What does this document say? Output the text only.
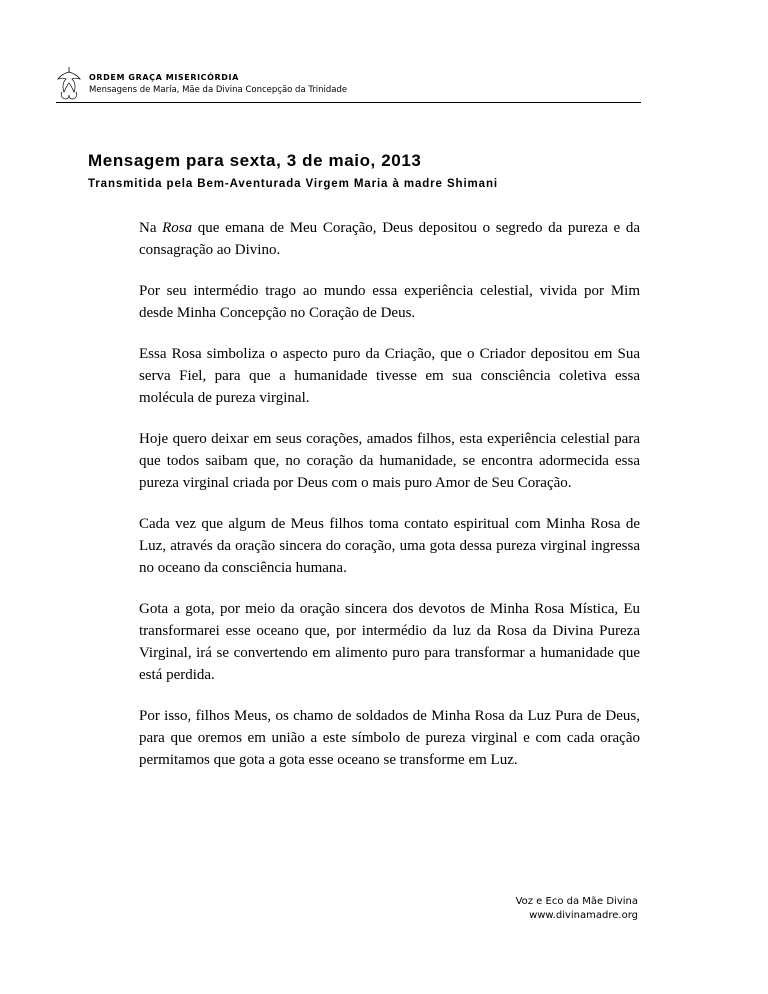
ORDEM GRAÇA MISERICÓRDIA
Mensagens de María, Mãe da Divina Concepção da Trinidade
Mensagem para sexta, 3 de maio, 2013
Transmitida pela Bem-Aventurada Virgem Maria à madre Shimani

Na Rosa que emana de Meu Coração, Deus depositou o segredo da pureza e da consagração ao Divino.

Por seu intermédio trago ao mundo essa experiência celestial, vivida por Mim desde Minha Concepção no Coração de Deus.

Essa Rosa simboliza o aspecto puro da Criação, que o Criador depositou em Sua serva Fiel, para que a humanidade tivesse em sua consciência coletiva essa molécula de pureza virginal.

Hoje quero deixar em seus corações, amados filhos, esta experiência celestial para que todos saibam que, no coração da humanidade, se encontra adormecida essa pureza virginal criada por Deus com o mais puro Amor de Seu Coração.

Cada vez que algum de Meus filhos toma contato espiritual com Minha Rosa de Luz, através da oração sincera do coração, uma gota dessa pureza virginal ingressa no oceano da consciência humana.

Gota a gota, por meio da oração sincera dos devotos de Minha Rosa Mística, Eu transformarei esse oceano que, por intermédio da luz da Rosa da Divina Pureza Virginal, irá se convertendo em alimento puro para transformar a humanidade que está perdida.

Por isso, filhos Meus, os chamo de soldados de Minha Rosa da Luz Pura de Deus, para que oremos em união a este símbolo de pureza virginal e com cada oração permitamos que gota a gota esse oceano se transforme em Luz.

Voz e Eco da Mãe Divina
www.divinamadre.org
